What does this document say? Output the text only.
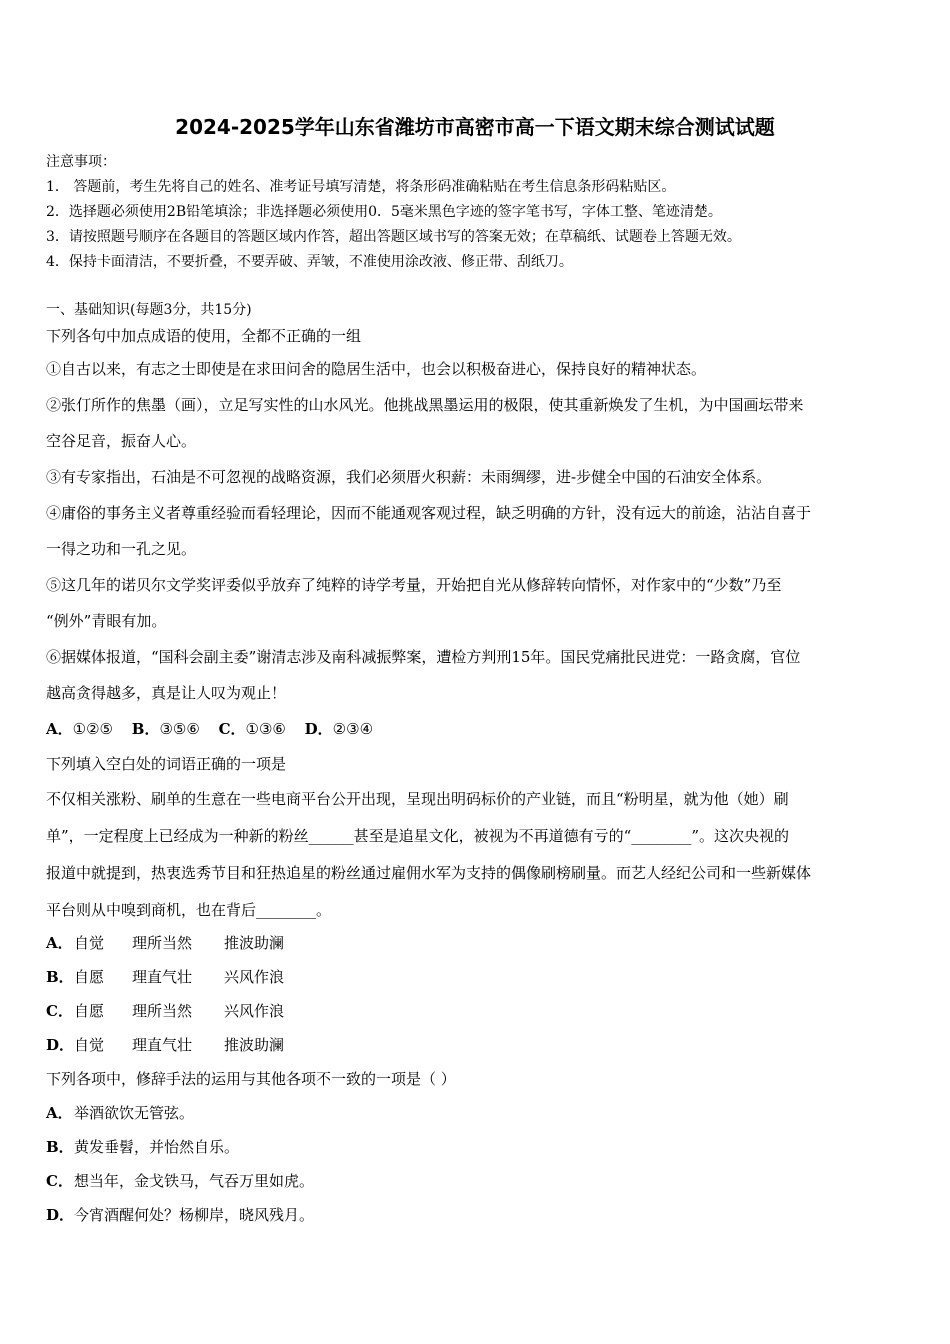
2024-2025学年山东省潍坊市高密市高一下语文期末综合测试试题
注意事项：
1． 答题前，考生先将自己的姓名、准考证号填写清楚，将条形码准确粘贴在考生信息条形码粘贴区。
2．选择题必须使用2B铅笔填涂；非选择题必须使用0．5毫米黑色字迹的签字笔书写，字体工整、笔迹清楚。
3．请按照题号顺序在各题目的答题区域内作答，超出答题区域书写的答案无效；在草稿纸、试题卷上答题无效。
4．保持卡面清洁，不要折叠，不要弄破、弄皱，不准使用涂改液、修正带、刮纸刀。
一、基础知识(每题3分，共15分)
下列各句中加点成语的使用，全都不正确的一组
①自古以来，有志之士即使是在求田问舍的隐居生活中，也会以积极奋进心，保持良好的精神状态。
②张仃所作的焦墨（画），立足写实性的山水风光。他挑战黑墨运用的极限，使其重新焕发了生机，为中国画坛带来
空谷足音，振奋人心。
③有专家指出，石油是不可忽视的战略资源，我们必须厝火积薪：未雨绸缪，进-步健全中国的石油安全体系。
④庸俗的事务主义者尊重经验而看轻理论，因而不能通观客观过程，缺乏明确的方针，没有远大的前途，沾沾自喜于
一得之功和一孔之见。
⑤这几年的诺贝尔文学奖评委似乎放弃了纯粹的诗学考量，开始把自光从修辞转向情怀，对作家中的“少数”乃至
“例外”青眼有加。
⑥据媒体报道，“国科会副主委”谢清志涉及南科减振弊案，遭检方判刑15年。国民党痛批民进党：一路贪腐，官位
越高贪得越多，真是让人叹为观止！
A．①②⑤ B．③⑤⑥ C．①③⑥ D．②③④
下列填入空白处的词语正确的一项是
不仅相关涨粉、刷单的生意在一些电商平台公开出现，呈现出明码标价的产业链，而且“粉明星，就为他（她）刷
单”，一定程度上已经成为一种新的粉丝______甚至是追星文化，被视为不再道德有亏的“________”。这次央视的
报道中就提到，热衷选秀节目和狂热追星的粉丝通过雇佣水军为支持的偶像刷榜刷量。而艺人经纪公司和一些新媒体
平台则从中嗅到商机，也在背后________。
A．自觉 理所当然 推波助澜
B．自愿 理直气壮 兴风作浪
C．自愿 理所当然 兴风作浪
D．自觉 理直气壮 推波助澜
下列各项中，修辞手法的运用与其他各项不一致的一项是（ ）
A．举酒欲饮无管弦。
B．黄发垂髫，并怡然自乐。
C．想当年，金戈铁马，气吞万里如虎。
D．今宵酒醒何处？杨柳岸，晓风残月。
